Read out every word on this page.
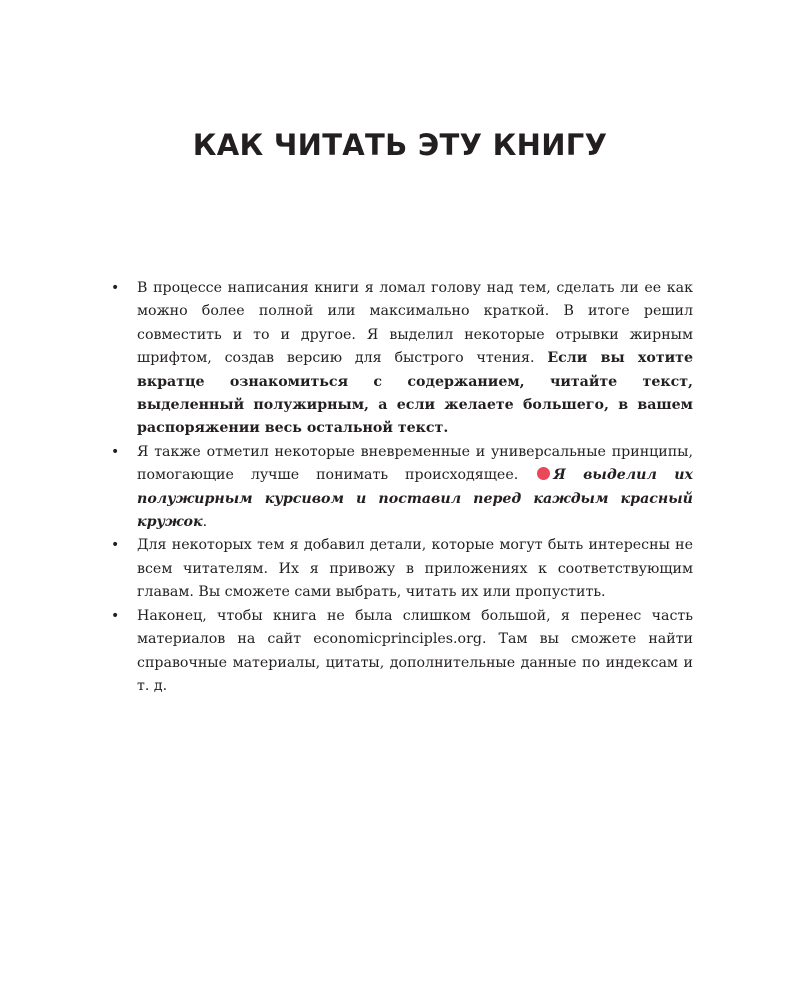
КАК ЧИТАТЬ ЭТУ КНИГУ
• В процессе написания книги я ломал голову над тем, сделать ли ее как можно более полной или максимально краткой. В итоге решил совместить и то и другое. Я выделил некоторые отрывки жирным шрифтом, создав версию для быстрого чтения. Если вы хотите вкратце ознакомиться с содержанием, читайте текст, выделенный полужирным, а если желаете большего, в вашем распоряжении весь остальной текст.
• Я также отметил некоторые вневременные и универсальные принципы, помогающие лучше понимать происходящее. Я выделил их полужирным курсивом и поставил перед каждым красный кружок.
• Для некоторых тем я добавил детали, которые могут быть интересны не всем читателям. Их я привожу в приложениях к соответствующим главам. Вы сможете сами выбрать, читать их или пропустить.
• Наконец, чтобы книга не была слишком большой, я перенес часть материалов на сайт economicprinciples.org. Там вы сможете найти справочные материалы, цитаты, дополнительные данные по индексам и т. д.
